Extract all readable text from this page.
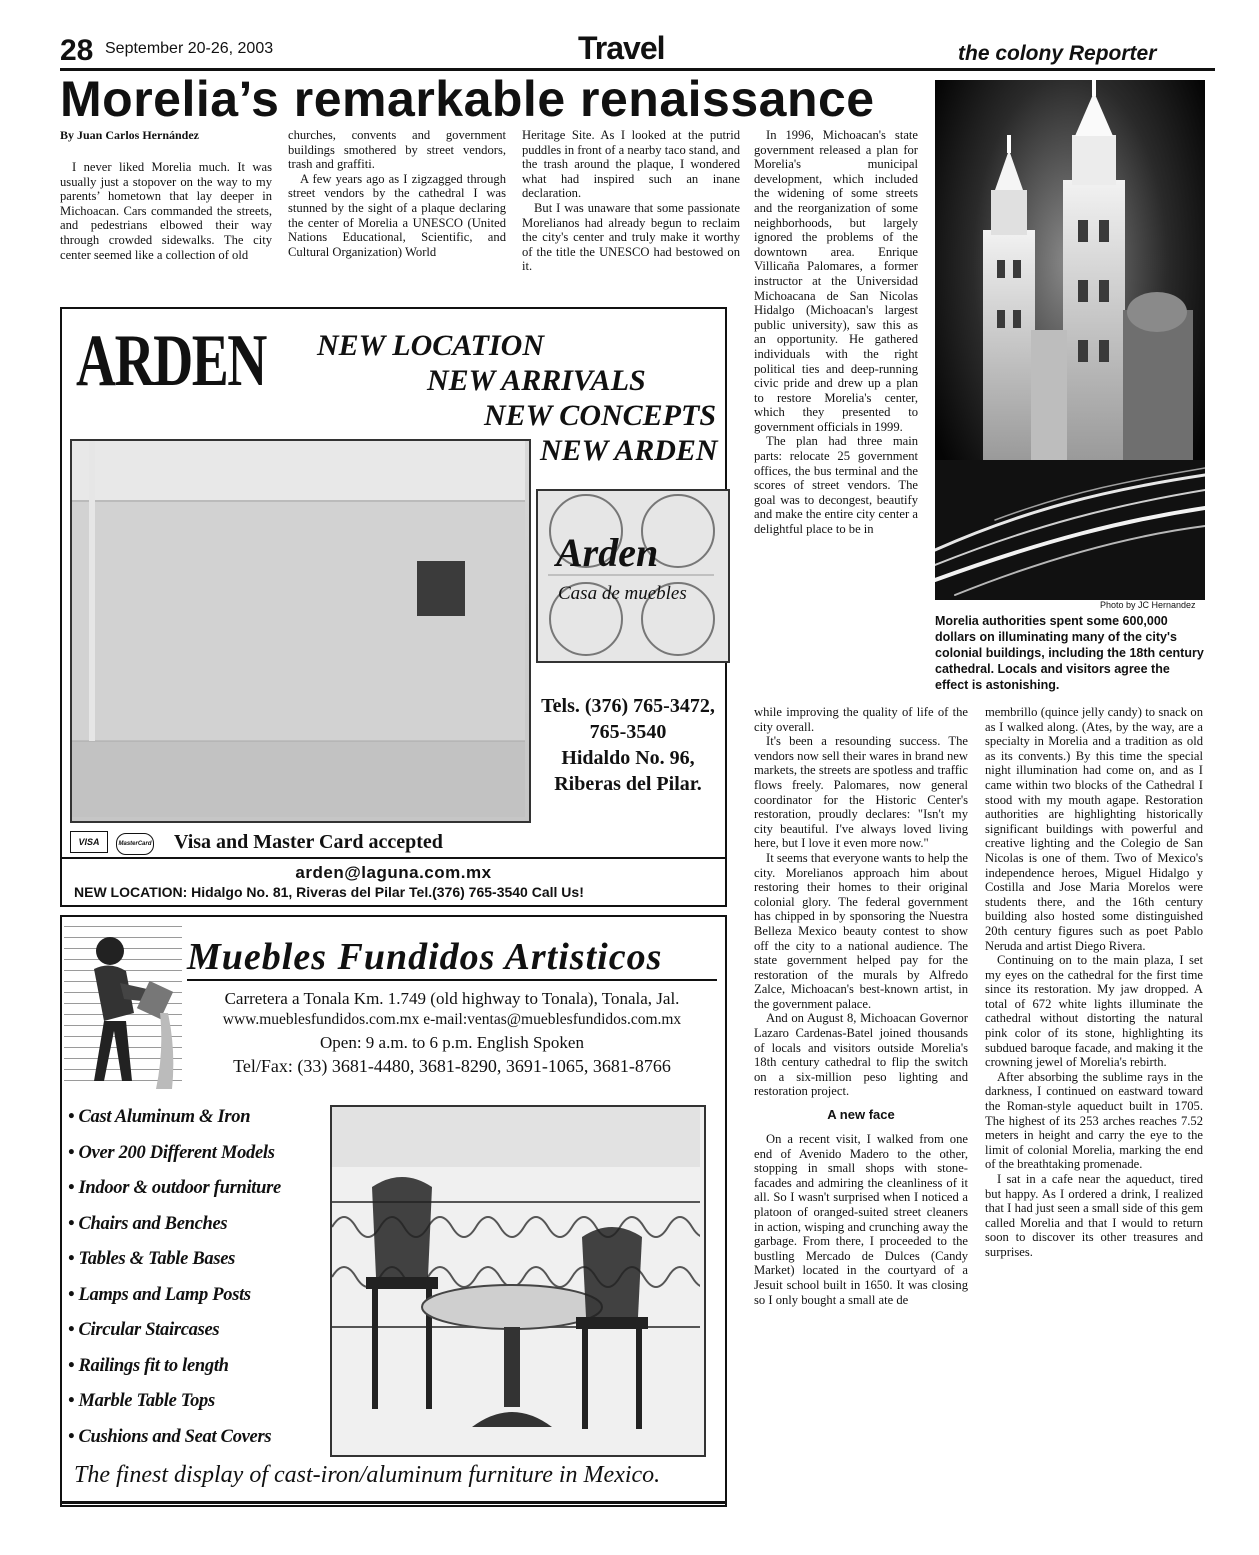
28 September 20-26, 2003	Travel	the colony Reporter
Morelia’s remarkable renaissance
By Juan Carlos Hernández

I never liked Morelia much. It was usually just a stopover on the way to my parents’ hometown that lay deeper in Michoacan. Cars commanded the streets, and pedestrians elbowed their way through crowded sidewalks. The city center seemed like a collection of old

churches, convents and government buildings smothered by street vendors, trash and graffiti.

A few years ago as I zigzagged through street vendors by the cathedral I was stunned by the sight of a plaque declaring the center of Morelia a UNESCO (United Nations Educational, Scientific, and Cultural Organization) World

Heritage Site. As I looked at the putrid puddles in front of a nearby taco stand, and the trash around the plaque, I wondered what had inspired such an inane declaration.

But I was unaware that some passionate Morelianos had already begun to reclaim the city's center and truly make it worthy of the title the UNESCO had bestowed on it.

In 1996, Michoacan's state government released a plan for Morelia's municipal development, which included the widening of some streets and the reorganization of some neighborhoods, but largely ignored the problems of the downtown area. Enrique Villicaña Palomares, a former instructor at the Universidad Michoacana de San Nicolas Hidalgo (Michoacan's largest public university), saw this as an opportunity. He gathered individuals with the right political ties and deep-running civic pride and drew up a plan to restore Morelia's center, which they presented to government officials in 1999.

The plan had three main parts: relocate 25 government offices, the bus terminal and the scores of street vendors. The goal was to decongest, beautify and make the entire city center a delightful place to be in

while improving the quality of life of the city overall.

It's been a resounding success. The vendors now sell their wares in brand new markets, the streets are spotless and traffic flows freely. Palomares, now general coordinator for the Historic Center's restoration, proudly declares: "Isn't my city beautiful. I've always loved living here, but I love it even more now."

It seems that everyone wants to help the city. Morelianos approach him about restoring their homes to their original colonial glory. The federal government has chipped in by sponsoring the Nuestra Belleza Mexico beauty contest to show off the city to a national audience. The state government helped pay for the restoration of the murals by Alfredo Zalce, Michoacan's best-known artist, in the government palace.

And on August 8, Michoacan Governor Lazaro Cardenas-Batel joined thousands of locals and visitors outside Morelia's 18th century cathedral to flip the switch on a six-million peso lighting and restoration project.

A new face

On a recent visit, I walked from one end of Avenido Madero to the other, stopping in small shops with stone-facades and admiring the cleanliness of it all. So I wasn't surprised when I noticed a platoon of oranged-suited street cleaners in action, wisping and crunching away the garbage. From there, I proceeded to the bustling Mercado de Dulces (Candy Market) located in the courtyard of a Jesuit school built in 1650. It was closing so I only bought a small ate de

membrillo (quince jelly candy) to snack on as I walked along. (Ates, by the way, are a specialty in Morelia and a tradition as old as its convents.) By this time the special night illumination had come on, and as I came within two blocks of the Cathedral I stood with my mouth agape. Restoration authorities are highlighting historically significant buildings with powerful and creative lighting and the Colegio de San Nicolas is one of them. Two of Mexico's independence heroes, Miguel Hidalgo y Costilla and Jose Maria Morelos were students there, and the 16th century building also hosted some distinguished 20th century figures such as poet Pablo Neruda and artist Diego Rivera.

Continuing on to the main plaza, I set my eyes on the cathedral for the first time since its restoration. My jaw dropped. A total of 672 white lights illuminate the cathedral without distorting the natural pink color of its stone, highlighting its subdued baroque facade, and making it the crowning jewel of Morelia's rebirth.

After absorbing the sublime rays in the darkness, I continued on eastward toward the Roman-style aqueduct built in 1705. The highest of its 253 arches reaches 7.52 meters in height and carry the eye to the limit of colonial Morelia, marking the end of the breathtaking promenade.

I sat in a cafe near the aqueduct, tired but happy. As I ordered a drink, I realized that I had just seen a small side of this gem called Morelia and that I would to return soon to discover its other treasures and surprises.

Photo by JC Hernandez
Morelia authorities spent some 600,000 dollars on illuminating many of the city's colonial buildings, including the 18th century cathedral. Locals and visitors agree the effect is astonishing.
ARDEN NEW LOCATION
NEW ARRIVALS
NEW CONCEPTS
NEW ARDEN
Arden
Casa de muebles
Tels. (376) 765-3472,
765-3540
Hidaldo No. 96,
Riberas del Pilar.
VISA	MasterCard	Visa and Master Card accepted
arden@laguna.com.mx
NEW LOCATION: Hidalgo No. 81, Riveras del Pilar Tel.(376) 765-3540 Call Us!
Muebles Fundidos Artisticos
Carretera a Tonala Km. 1.749 (old highway to Tonala), Tonala, Jal.
www.mueblesfundidos.com.mx e-mail:ventas@mueblesfundidos.com.mx
Open: 9 a.m. to 6 p.m. English Spoken
Tel/Fax: (33) 3681-4480, 3681-8290, 3691-1065, 3681-8766
• Cast Aluminum & Iron
• Over 200 Different Models
• Indoor & outdoor furniture
• Chairs and Benches
• Tables & Table Bases
• Lamps and Lamp Posts
• Circular Staircases
• Railings fit to length
• Marble Table Tops
• Cushions and Seat Covers
The finest display of cast-iron/aluminum furniture in Mexico.
